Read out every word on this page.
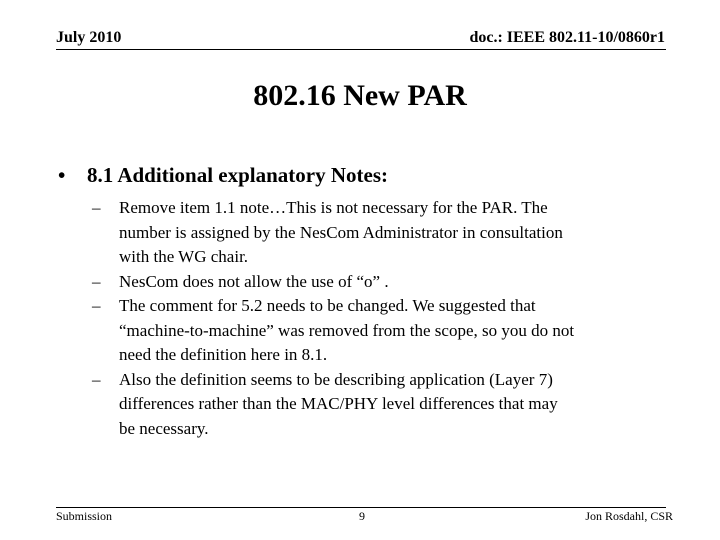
July 2010	doc.: IEEE 802.11-10/0860r1
802.16 New PAR
• 8.1 Additional explanatory Notes:
– Remove item 1.1 note…This is not necessary for the PAR. The
number is assigned by the NesCom Administrator in consultation
with the WG chair.
– NesCom does not allow the use of “o” .
– The comment for 5.2 needs to be changed. We suggested that
“machine-to-machine” was removed from the scope, so you do not
need the definition here in 8.1.
– Also the definition seems to be describing application (Layer 7)
differences rather than the MAC/PHY level differences that may
be necessary.
Submission	9	Jon Rosdahl, CSR
